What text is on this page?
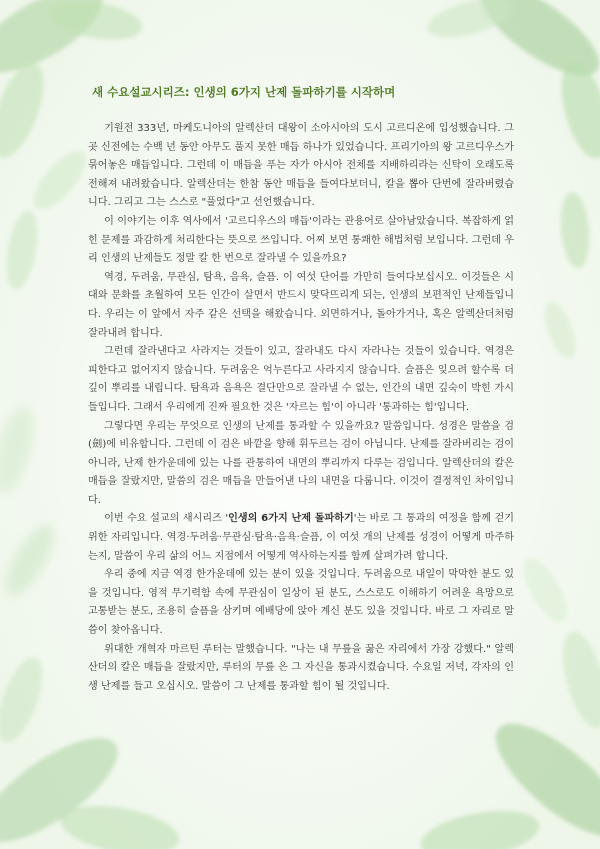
새 수요설교시리즈: 인생의 6가지 난제 돌파하기를 시작하며

기원전 333년, 마케도니아의 알렉산더 대왕이 소아시아의 도시 고르디온에 입성했습니다. 그곳 신전에는 수백 년 동안 아무도 풀지 못한 매듭 하나가 있었습니다. 프리기아의 왕 고르디우스가 묶어놓은 매듭입니다. 그런데 이 매듭을 푸는 자가 아시아 전체를 지배하리라는 신탁이 오래도록 전해져 내려왔습니다. 알렉산더는 한참 동안 매듭을 들여다보더니, 칼을 뽑아 단번에 잘라버렸습니다. 그리고 그는 스스로 "풀었다"고 선언했습니다.

이 이야기는 이후 역사에서 '고르디우스의 매듭'이라는 관용어로 살아남았습니다. 복잡하게 얽힌 문제를 과감하게 처리한다는 뜻으로 쓰입니다. 어찌 보면 통쾌한 해법처럼 보입니다. 그런데 우리 인생의 난제들도 정말 칼 한 번으로 잘라낼 수 있을까요?

역경, 두려움, 무관심, 탐욕, 음욕, 슬픔. 이 여섯 단어를 가만히 들여다보십시오. 이것들은 시대와 문화를 초월하여 모든 인간이 살면서 반드시 맞닥뜨리게 되는, 인생의 보편적인 난제들입니다. 우리는 이 앞에서 자주 같은 선택을 해왔습니다. 외면하거나, 돌아가거나, 혹은 알렉산더처럼 잘라내려 합니다.

그런데 잘라낸다고 사라지는 것들이 있고, 잘라내도 다시 자라나는 것들이 있습니다. 역경은 피한다고 없어지지 않습니다. 두려움은 억누른다고 사라지지 않습니다. 슬픔은 잊으려 할수록 더 깊이 뿌리를 내립니다. 탐욕과 음욕은 결단만으로 잘라낼 수 없는, 인간의 내면 깊숙이 박힌 가시들입니다. 그래서 우리에게 진짜 필요한 것은 '자르는 힘'이 아니라 '통과하는 힘'입니다.

그렇다면 우리는 무엇으로 인생의 난제를 통과할 수 있을까요? 말씀입니다. 성경은 말씀을 검(劍)에 비유합니다. 그런데 이 검은 바깥을 향해 휘두르는 검이 아닙니다. 난제를 잘라버리는 검이 아니라, 난제 한가운데에 있는 나를 관통하여 내면의 뿌리까지 다루는 검입니다. 알렉산더의 칼은 매듭을 잘랐지만, 말씀의 검은 매듭을 만들어낸 나의 내면을 다룹니다. 이것이 결정적인 차이입니다.

이번 수요 설교의 새시리즈 '인생의 6가지 난제 돌파하기'는 바로 그 통과의 여정을 함께 걷기 위한 자리입니다. 역경·두려움·무관심·탐욕·음욕·슬픔, 이 여섯 개의 난제를 성경이 어떻게 마주하는지, 말씀이 우리 삶의 어느 지점에서 어떻게 역사하는지를 함께 살펴가려 합니다.

우리 중에 지금 역경 한가운데에 있는 분이 있을 것입니다. 두려움으로 내일이 막막한 분도 있을 것입니다. 영적 무기력함 속에 무관심이 일상이 된 분도, 스스로도 이해하기 어려운 욕망으로 고통받는 분도, 조용히 슬픔을 삼키며 예배당에 앉아 계신 분도 있을 것입니다. 바로 그 자리로 말씀이 찾아옵니다.

위대한 개혁자 마르틴 루터는 말했습니다. "나는 내 무릎을 꿇은 자리에서 가장 강했다." 알렉산더의 칼은 매듭을 잘랐지만, 루터의 무릎 은 그 자신을 통과시켰습니다. 수요일 저녁, 각자의 인생 난제를 들고 오십시오. 말씀이 그 난제를 통과할 힘이 될 것입니다.
